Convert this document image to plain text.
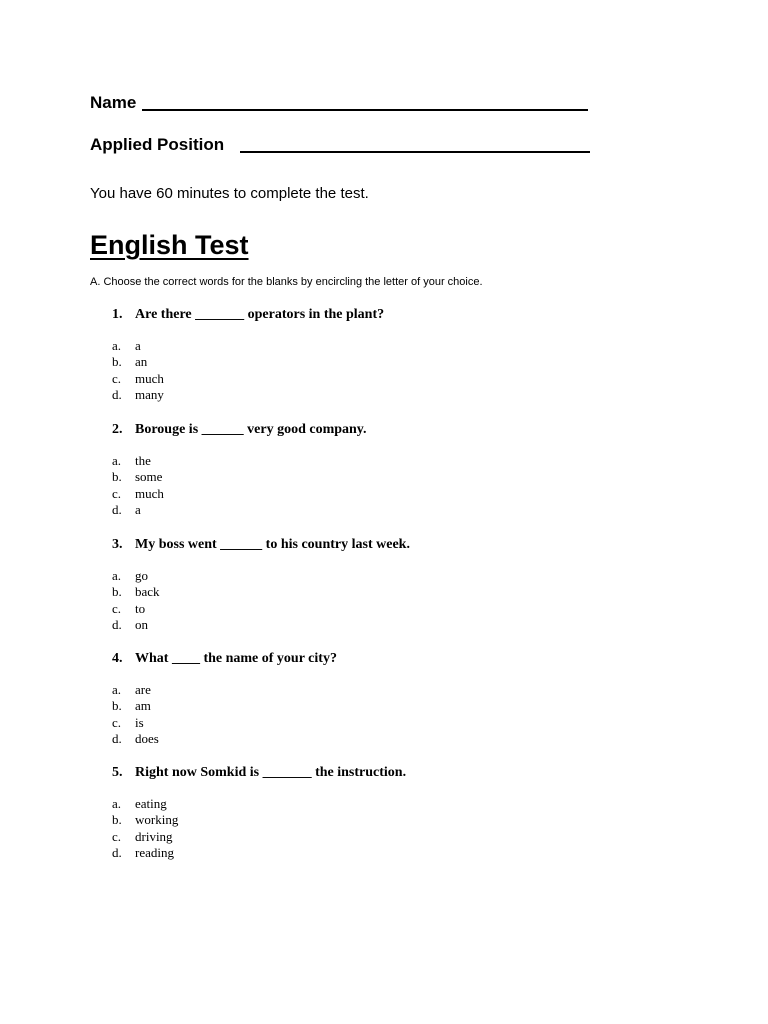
Name
Applied Position
You have 60 minutes to complete the test.
English Test
A. Choose the correct words for the blanks by encircling the letter of your choice.
1. Are there _______ operators in the plant?
a.	a
b.	an
c.	much
d.	many
2. Borouge is ______ very good company.
a.	the
b.	some
c.	much
d.	a
3. My boss went ______ to his country last week.
a.	go
b.	back
c.	to
d.	on
4. What ____ the name of your city?
a.	are
b.	am
c.	is
d.	does
5. Right now Somkid is _______ the instruction.
a.	eating
b.	working
c.	driving
d.	reading
